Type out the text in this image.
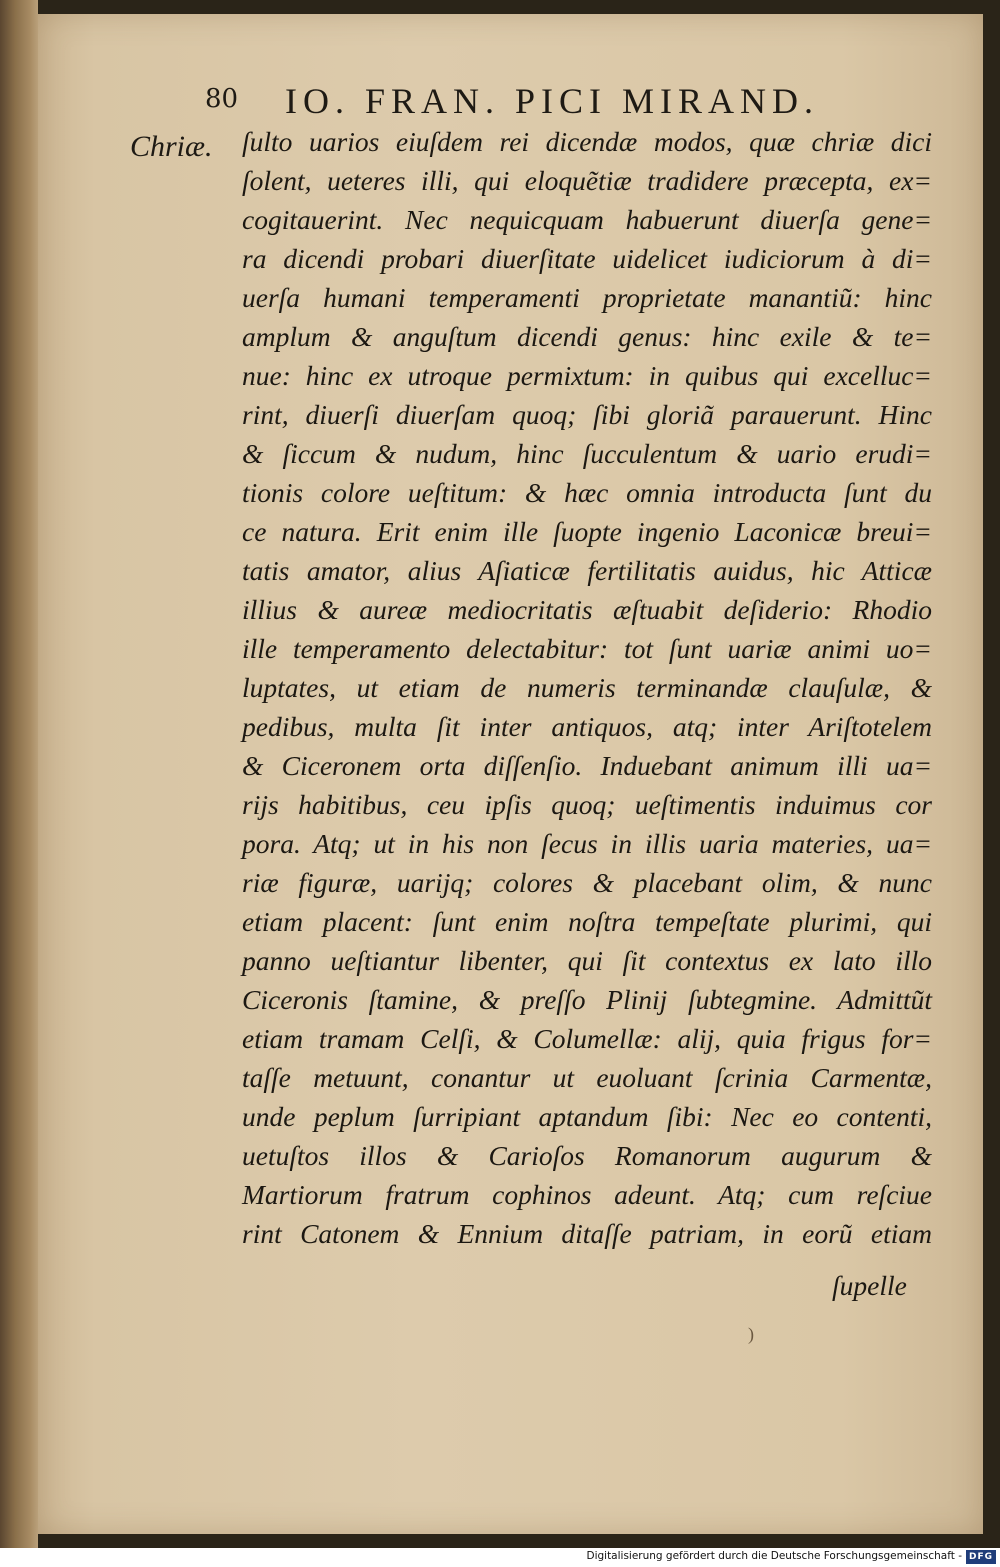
80 IO. FRAN. PICI MIRAND.
Chriæ. ſulto uarios eiuſdem rei dicendæ modos, quæ chriæ dici
ſolent, ueteres illi, qui eloquẽtiæ tradidere præcepta, ex=
cogitauerint. Nec nequicquam habuerunt diuerſa gene=
ra dicendi probari diuerſitate uidelicet iudiciorum à di=
uerſa humani temperamenti proprietate manantiũ: hinc
amplum & anguſtum dicendi genus: hinc exile & te=
nue: hinc ex utroque permixtum: in quibus qui excelluc=
rint, diuerſi diuerſam quoq; ſibi gloriã parauerunt. Hinc
& ſiccum & nudum, hinc ſucculentum & uario erudi=
tionis colore ueſtitum: & hæc omnia introducta ſunt du
ce natura. Erit enim ille ſuopte ingenio Laconicæ breui=
tatis amator, alius Aſiaticæ fertilitatis auidus, hic Atticæ
illius & aureæ mediocritatis æſtuabit deſiderio: Rhodio
ille temperamento delectabitur: tot ſunt uariæ animi uo=
luptates, ut etiam de numeris terminandæ clauſulæ, &
pedibus, multa ſit inter antiquos, atq; inter Ariſtotelem
& Ciceronem orta diſſenſio. Induebant animum illi ua=
rijs habitibus, ceu ipſis quoq; ueſtimentis induimus cor
pora. Atq; ut in his non ſecus in illis uaria materies, ua=
riæ figuræ, uarijq; colores & placebant olim, & nunc
etiam placent: ſunt enim noſtra tempeſtate plurimi, qui
panno ueſtiantur libenter, qui ſit contextus ex lato illo
Ciceronis ſtamine, & preſſo Plinij ſubtegmine. Admittũt
etiam tramam Celſi, & Columellæ: alij, quia frigus for=
taſſe metuunt, conantur ut euoluant ſcrinia Carmentæ,
unde peplum ſurripiant aptandum ſibi: Nec eo contenti,
uetuſtos illos & Carioſos Romanorum augurum &
Martiorum fratrum cophinos adeunt. Atq; cum reſciue
rint Catonem & Ennium ditaſſe patriam, in eorũ etiam
ſupelle
)
Digitalisierung gefördert durch die Deutsche Forschungsgemeinschaft - DFG
